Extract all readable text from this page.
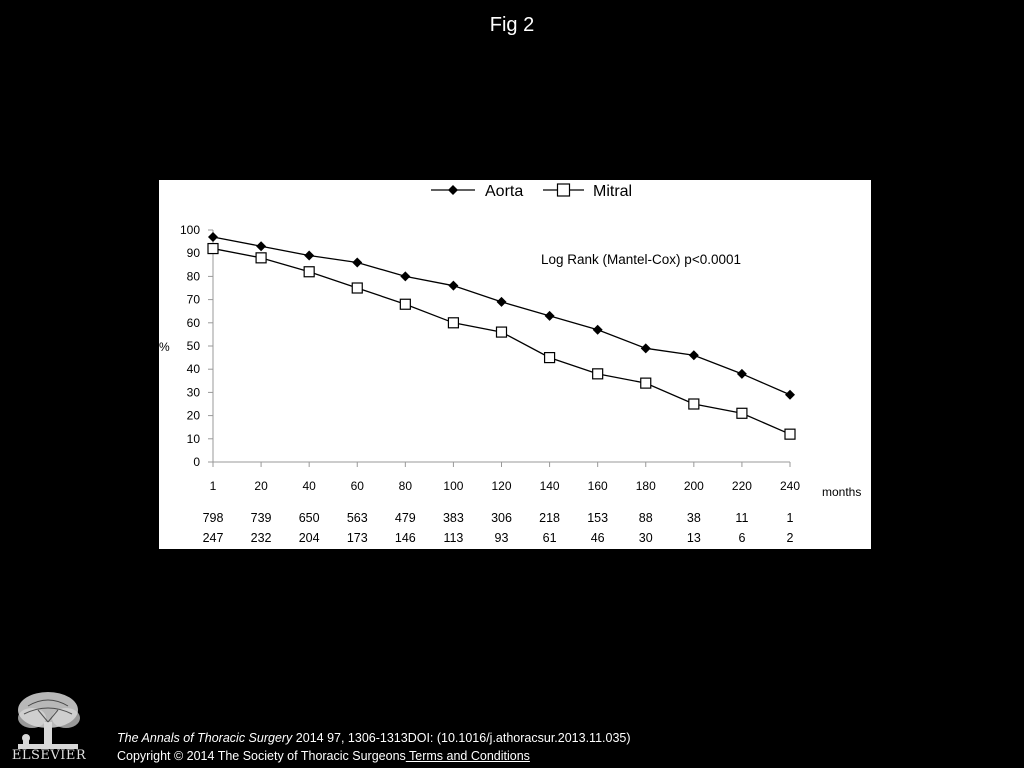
Fig 2
0
10
20
30
40
50
60
70
80
90
100
1	20	40	60	80	100 120 140 160 180 200 220 240
Aorta	Mitral
Log Rank (Mantel-Cox) p<0.0001
%
months
798 739 650 563 479 383 306 218 153 88	38	11	1
247 232 204 173 146 113 93	61	46	30	13	6	2
ELSEVIER
The Annals of Thoracic Surgery 2014 97, 1306-1313DOI: (10.1016/j.athoracsur.2013.11.035)
Copyright © 2014 The Society of Thoracic Surgeons Terms and Conditions
